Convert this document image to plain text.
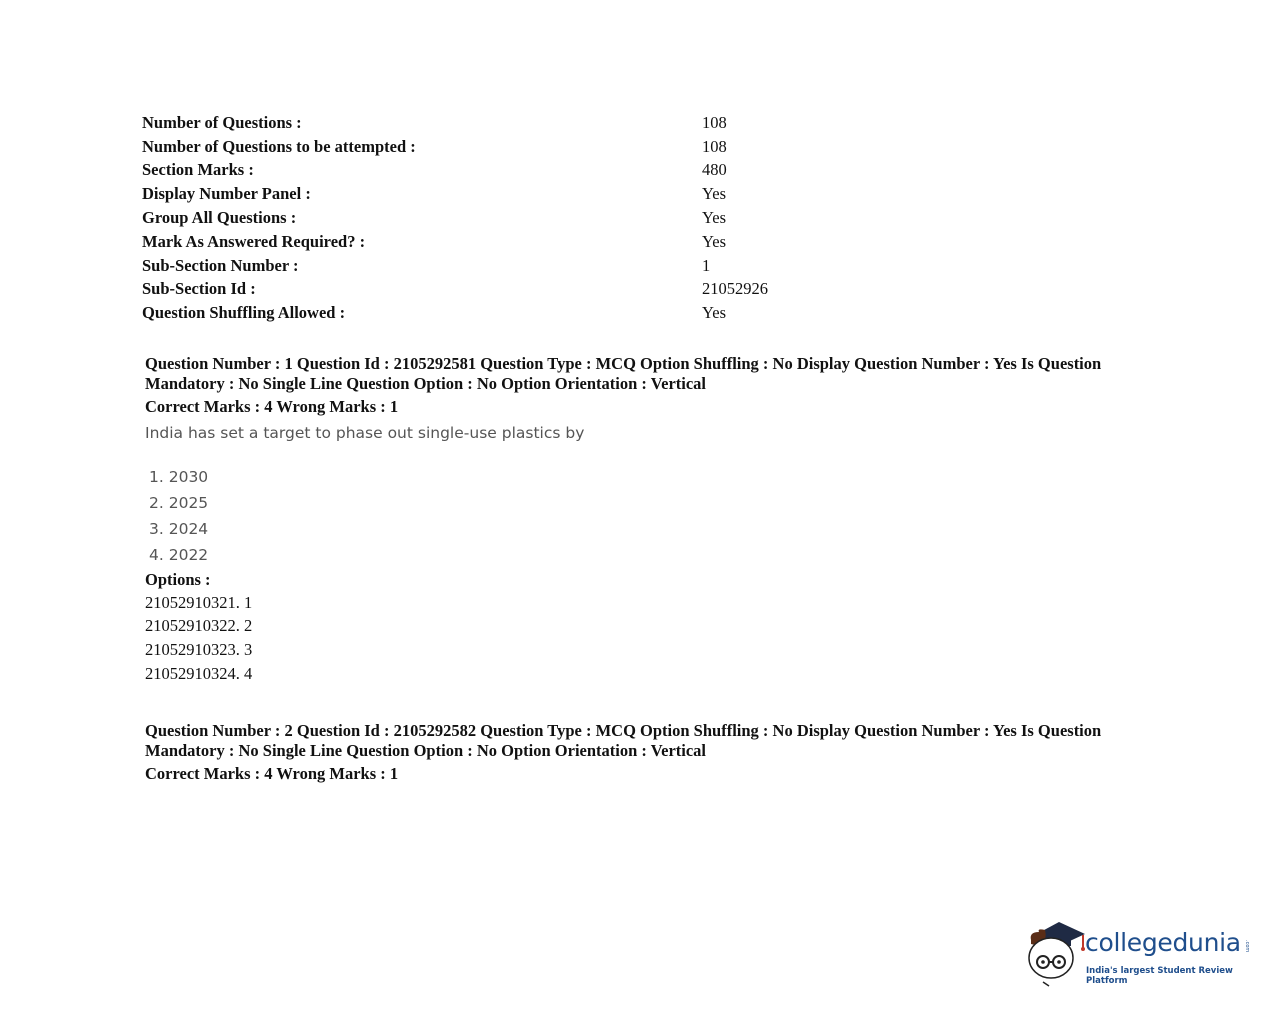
Number of Questions :	108
Number of Questions to be attempted :	108
Section Marks :	480
Display Number Panel :	Yes
Group All Questions :	Yes
Mark As Answered Required? :	Yes
Sub-Section Number :	1
Sub-Section Id :	21052926
Question Shuffling Allowed :	Yes
Question Number : 1 Question Id : 2105292581 Question Type : MCQ Option Shuffling : No Display Question Number : Yes Is Question Mandatory : No Single Line Question Option : No Option Orientation : Vertical
Correct Marks : 4 Wrong Marks : 1
India has set a target to phase out single-use plastics by
1. 2030
2. 2025
3. 2024
4. 2022
Options :
21052910321. 1
21052910322. 2
21052910323. 3
21052910324. 4
Question Number : 2 Question Id : 2105292582 Question Type : MCQ Option Shuffling : No Display Question Number : Yes Is Question Mandatory : No Single Line Question Option : No Option Orientation : Vertical
Correct Marks : 4 Wrong Marks : 1
collegedunia .com
India's largest Student Review Platform
